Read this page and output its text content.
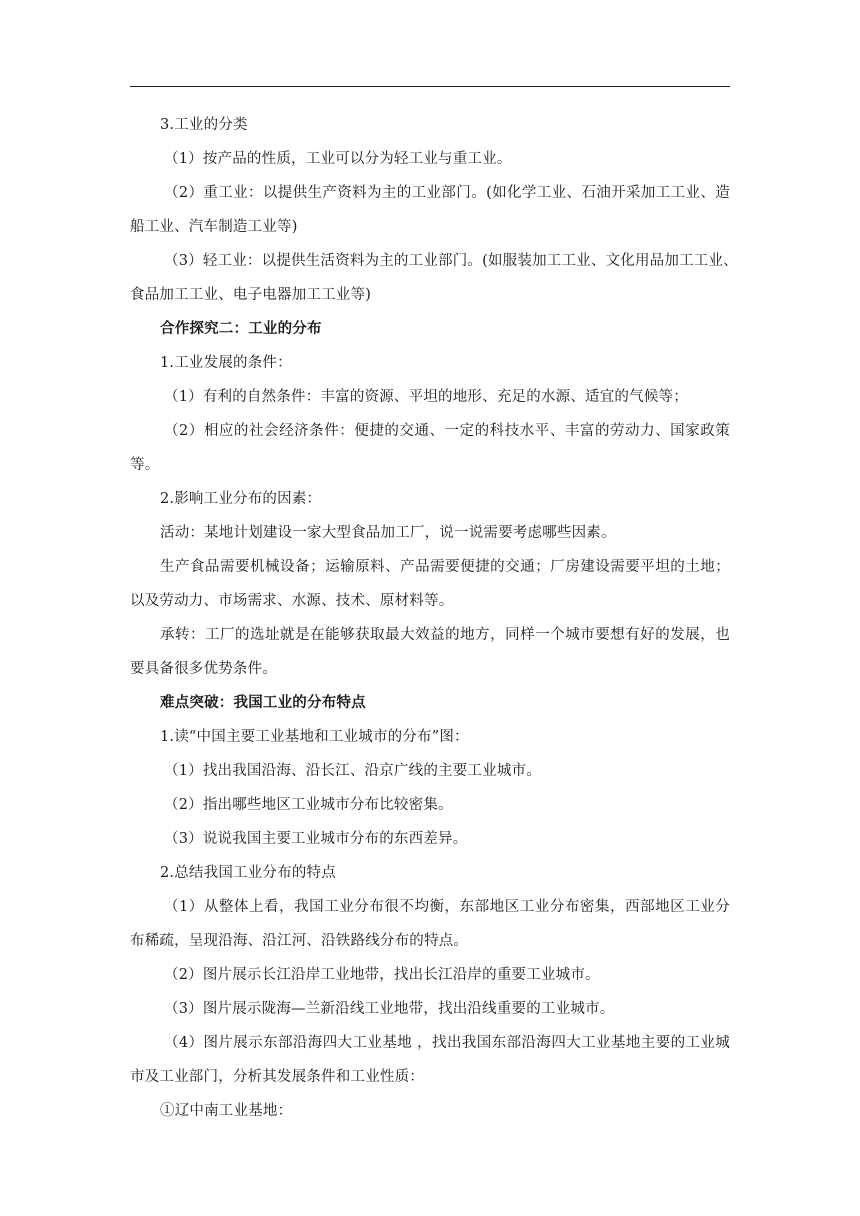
3.工业的分类
（1）按产品的性质，工业可以分为轻工业与重工业。
（2）重工业：以提供生产资料为主的工业部门。(如化学工业、石油开采加工工业、造
船工业、汽车制造工业等)
（3）轻工业：以提供生活资料为主的工业部门。(如服装加工工业、文化用品加工工业、
食品加工工业、电子电器加工工业等)
合作探究二：工业的分布
1.工业发展的条件：
（1）有利的自然条件：丰富的资源、平坦的地形、充足的水源、适宜的气候等；
（2）相应的社会经济条件：便捷的交通、一定的科技水平、丰富的劳动力、国家政策
等。
2.影响工业分布的因素：
活动：某地计划建设一家大型食品加工厂，说一说需要考虑哪些因素。
生产食品需要机械设备；运输原料、产品需要便捷的交通；厂房建设需要平坦的土地；
以及劳动力、市场需求、水源、技术、原材料等。
承转：工厂的选址就是在能够获取最大效益的地方，同样一个城市要想有好的发展，也
要具备很多优势条件。
难点突破：我国工业的分布特点
1.读“中国主要工业基地和工业城市的分布”图：
（1）找出我国沿海、沿长江、沿京广线的主要工业城市。
（2）指出哪些地区工业城市分布比较密集。
（3）说说我国主要工业城市分布的东西差异。
2.总结我国工业分布的特点
（1）从整体上看，我国工业分布很不均衡，东部地区工业分布密集，西部地区工业分
布稀疏，呈现沿海、沿江河、沿铁路线分布的特点。
（2）图片展示长江沿岸工业地带，找出长江沿岸的重要工业城市。
（3）图片展示陇海—兰新沿线工业地带，找出沿线重要的工业城市。
（4）图片展示东部沿海四大工业基地 ，找出我国东部沿海四大工业基地主要的工业城
市及工业部门，分析其发展条件和工业性质：
①辽中南工业基地：
